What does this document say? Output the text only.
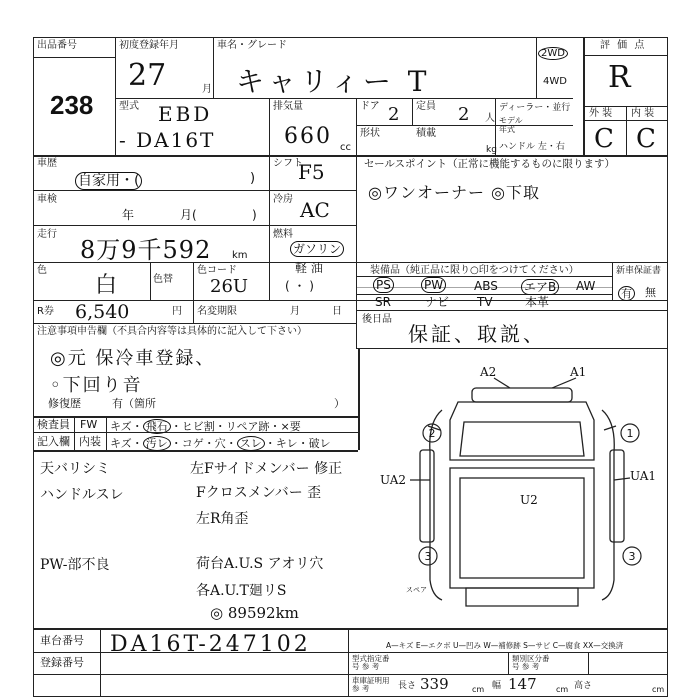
出品番号
238
初度登録年月
27	月
車名・グレード
キャリィー T
2WD
4WD
評 価 点
R
型式 EBD
- DA16T
排気量
660 cc
ドア 2 定員 2 人
ディーラー・並行
モデル年式
形状	積載
kg ハンドル 左・右
外 装 内 装
C C
車歴
自家用・(	)
シフト
F5
車検
年	月(	)
冷房 AC
走行
8万9千592 km
燃料
ガソリン
軽 油
( ・ )
色
白	色替
色コード
26U
R券 6,540	円 名変期限	月	日
セールスポイント（正常に機能するものに限ります）
◎ワンオーナー ◎下取
装備品（純正品に限り○印をつけてください）	新車保証書
PS	PW	ABS エアB AW
SR	ナビ TV	本革
有 無
後日品
保証、取説、
注意事項申告欄（不具合内容等は具体的に記入して下さい）
◎元 保冷車登録、
◦下回り音
修復歴	有（箇所	）
検査員 FW キズ・ 飛石 ・ヒビ割・リペア跡・×要
記入欄 内装 キズ・ 汚レ ・コゲ・穴・ スレ ・キレ・破レ
天バリシミ
ハンドルスレ
PW-部不良
左Fサイドメンバー 修正
Fクロスメンバー 歪
左R角歪
荷台A.U.S アオリ穴
各A.U.T廻リS
◎ 89592km
A2	A1
UA2	UA1
U2
スペア
2	1
3	3
車台番号 DA16T-247102
登録番号
A—キズ E—エクボ U—凹み W—補修跡 S—サビ C—腐食 XX—交換済
型式指定番号 参 考
類別区分番号 参 考
車庫証明用 参 考	長さ 339	cm 幅 147 cm 高さ	cm
